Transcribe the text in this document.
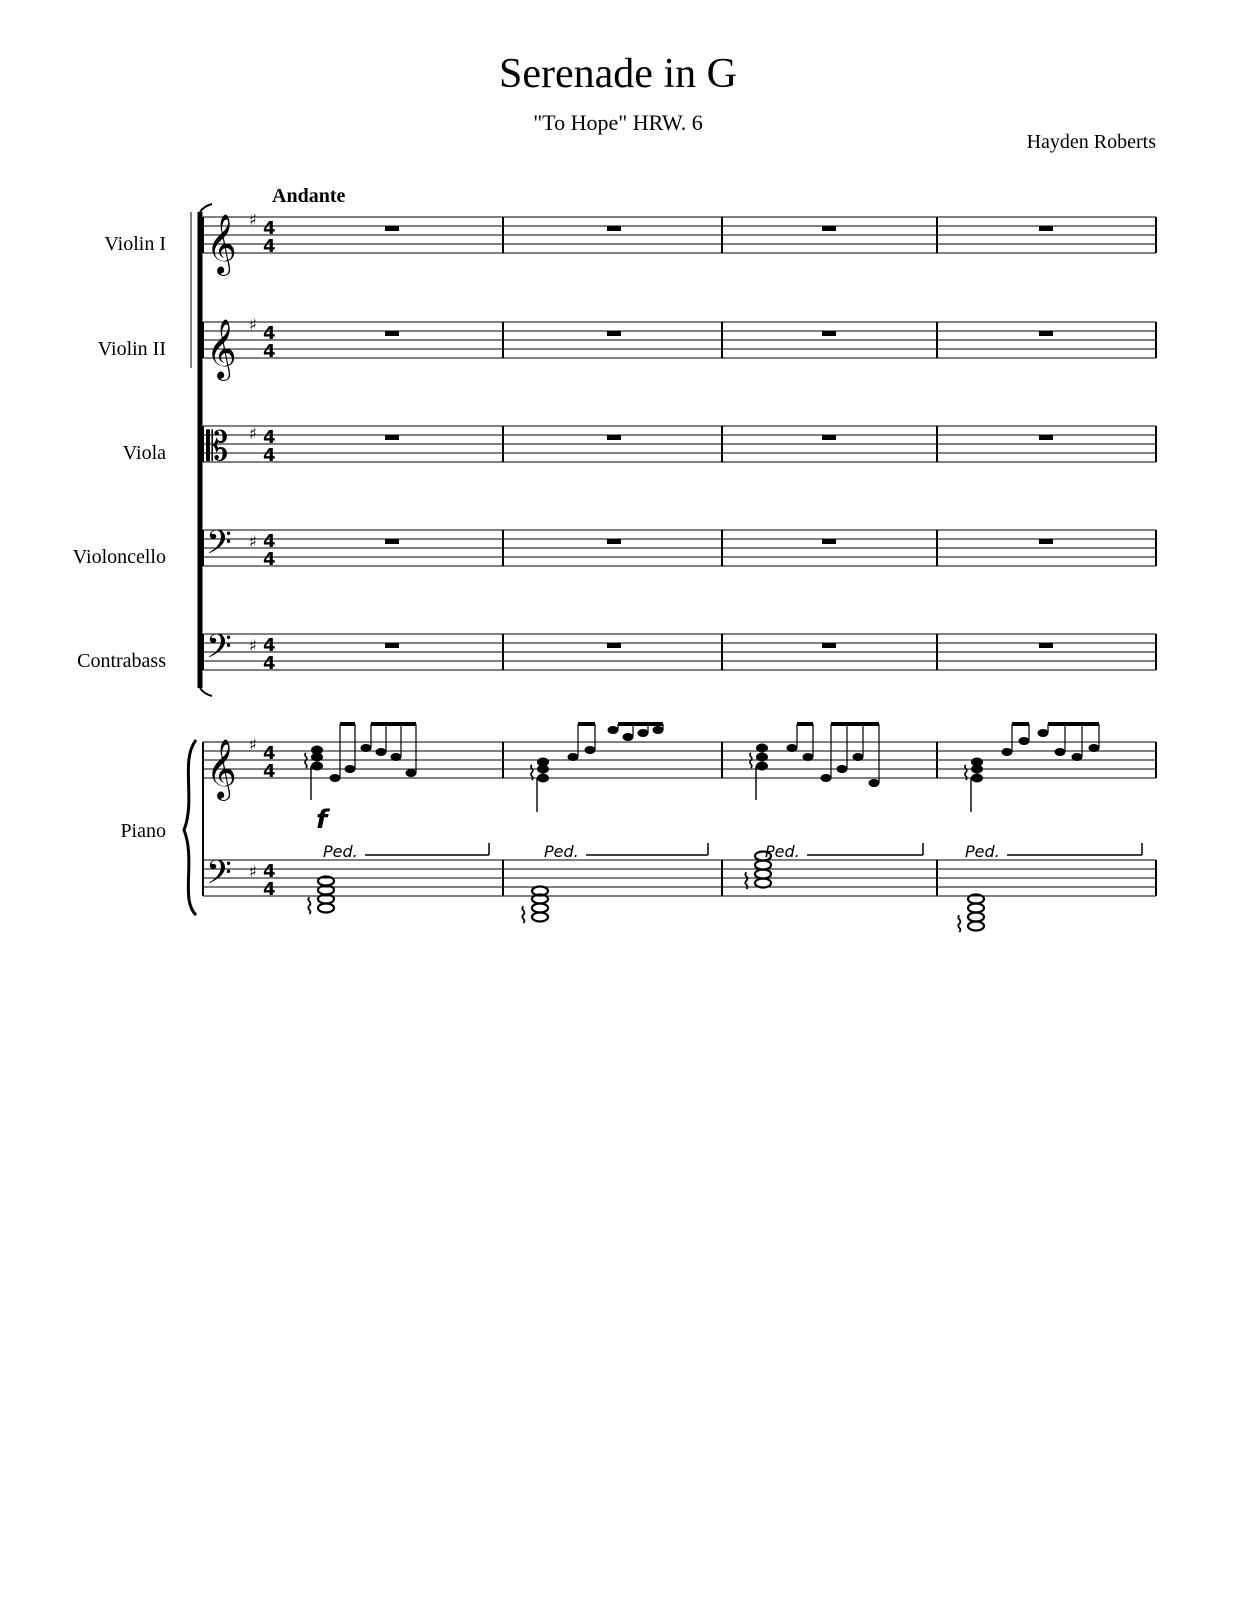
Serenade in G
"To Hope" HRW. 6
Hayden Roberts
Andante
Violin I
Violin II
Viola
Violoncello
Contrabass
Piano
𝄞 ♯ 4
4
𝄞 ♯ 4
4
𝄡 ♯ 4
4
𝄢 ♯ 4
4
𝄢 ♯ 4
4
𝄞 ♯ 4
4
𝄢 ♯ 4
4
⌇
Ped.
⌇
Ped.
⌇
Ped.
⌇
Ped.
f
⌇	⌇
⌇
⌇
